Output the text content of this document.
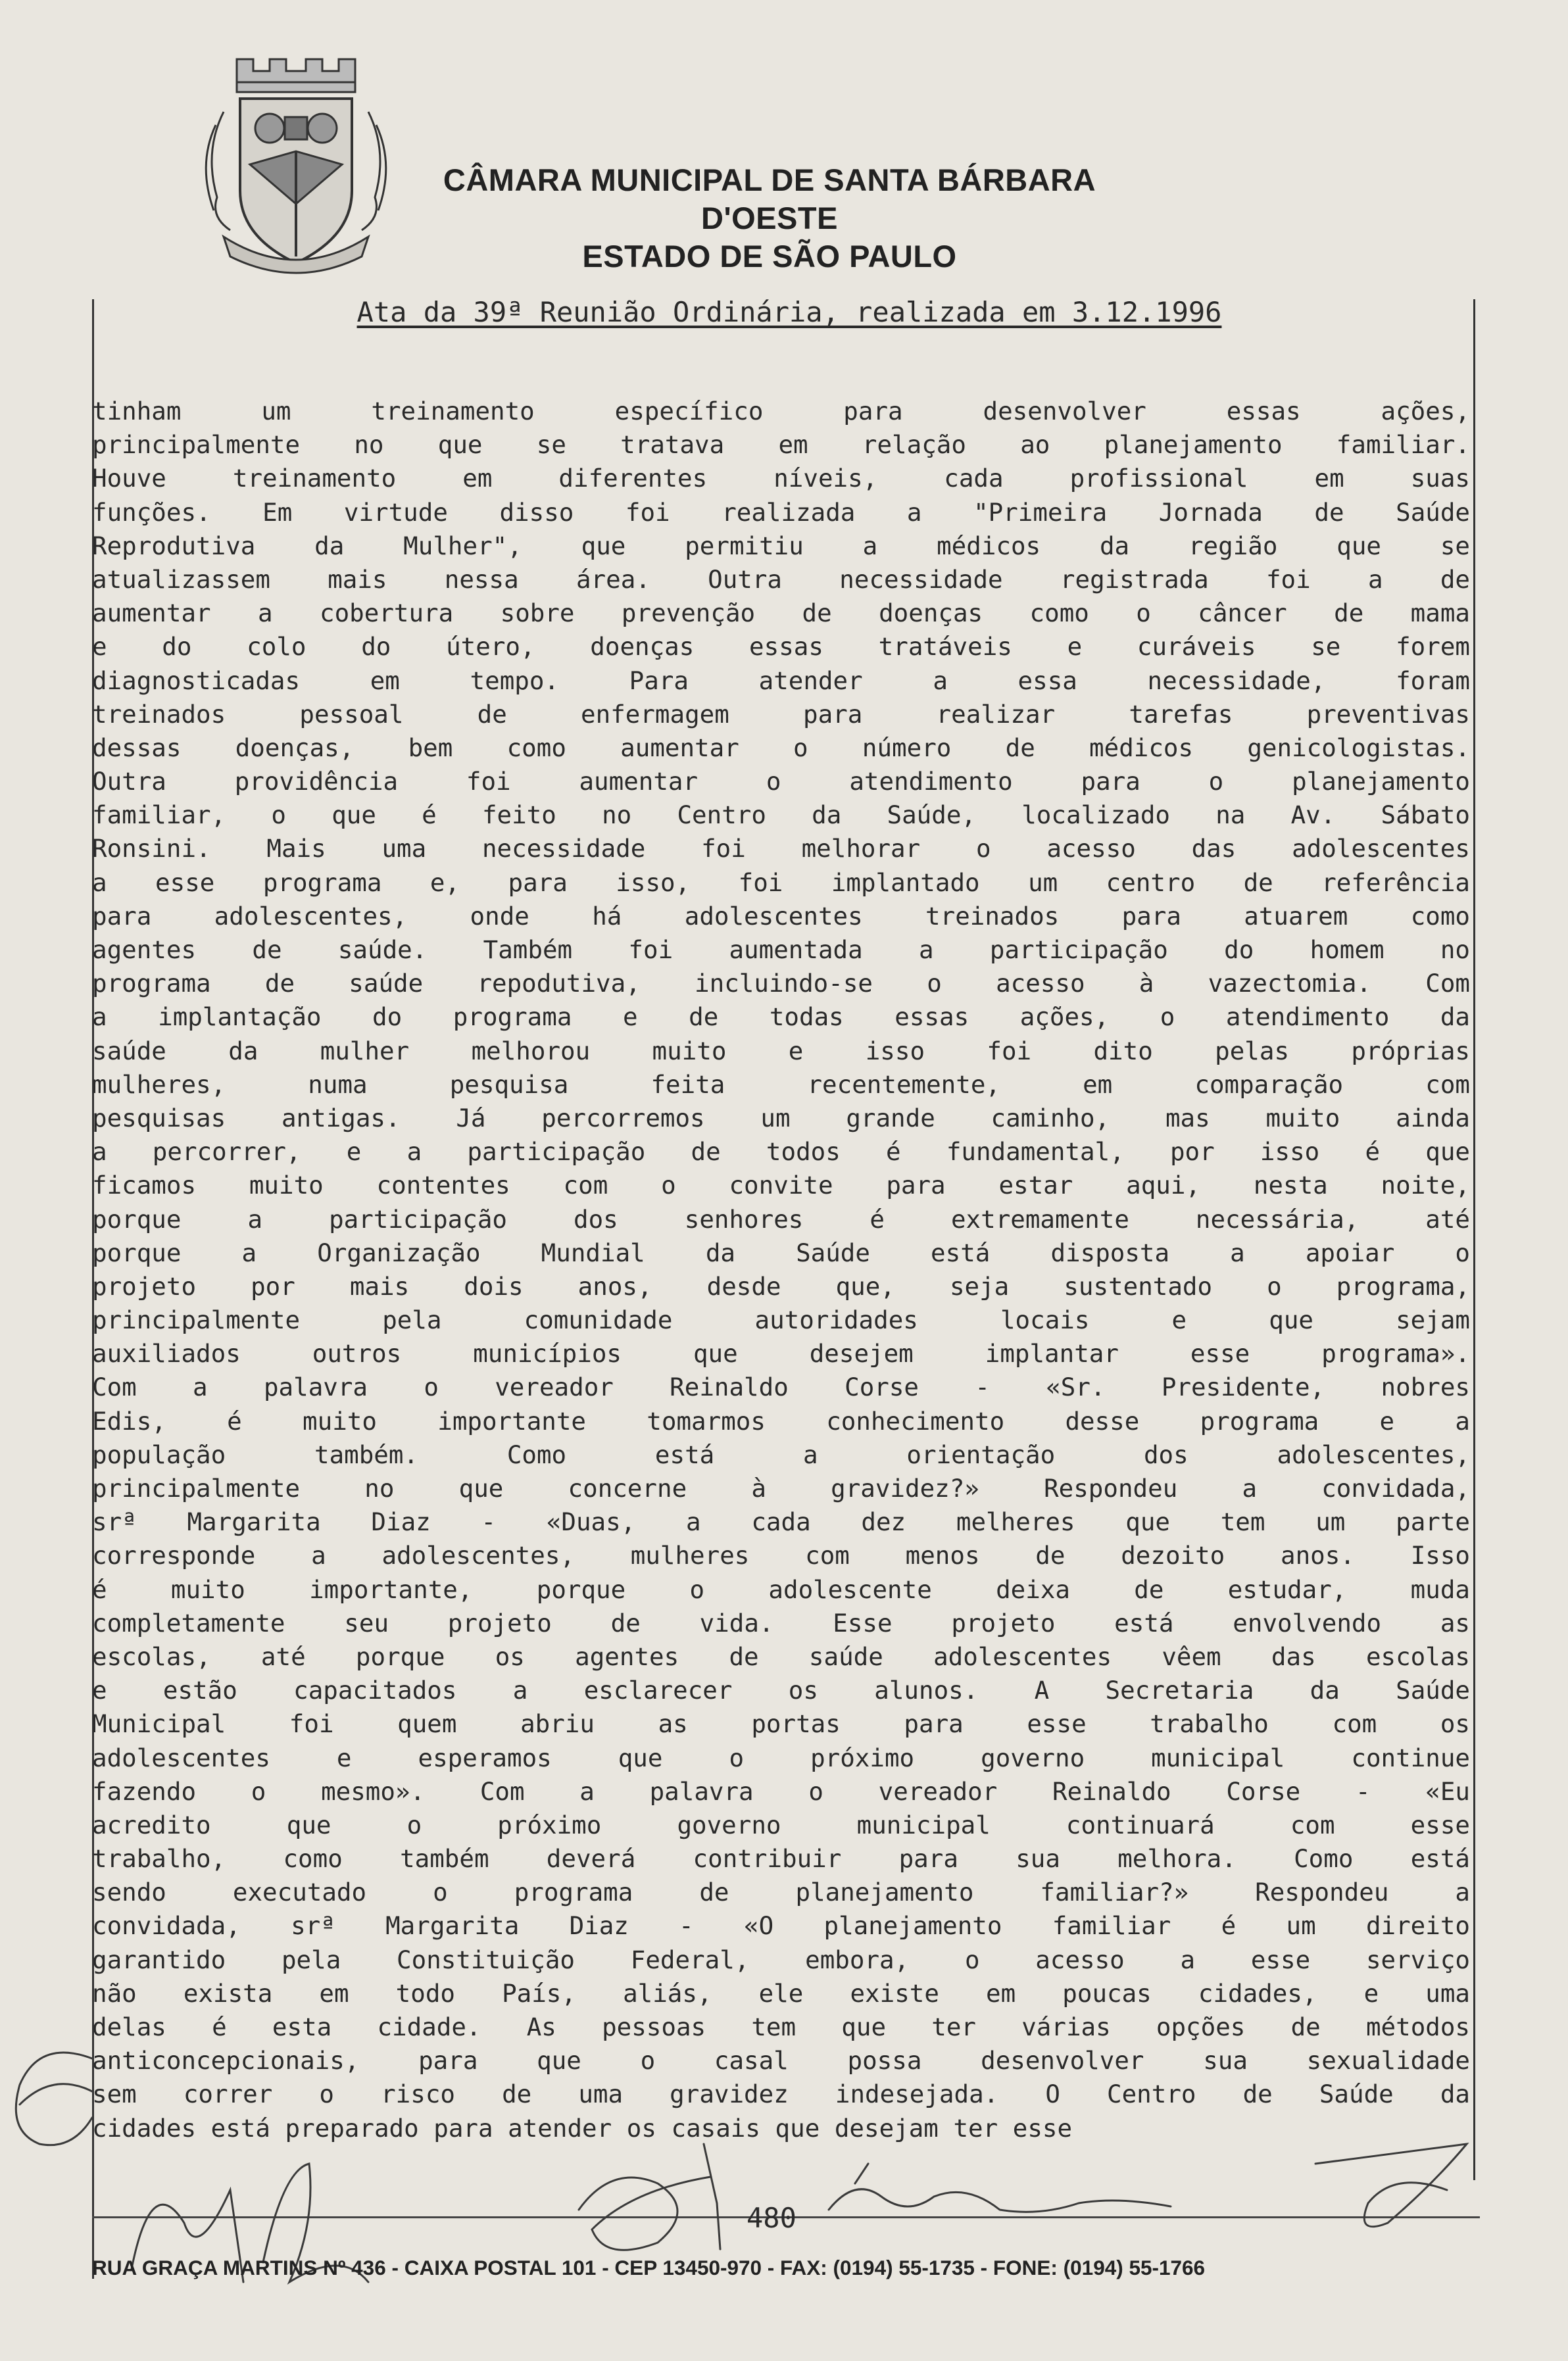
CÂMARA MUNICIPAL DE SANTA BÁRBARA D'OESTE
ESTADO DE SÃO PAULO
Ata da 39ª Reunião Ordinária, realizada em 3.12.1996
tinham um treinamento específico para desenvolver essas ações,
principalmente no que se tratava em relação ao planejamento familiar.
Houve treinamento em diferentes níveis, cada profissional em suas
funções. Em virtude disso foi realizada a "Primeira Jornada de Saúde
Reprodutiva da Mulher", que permitiu a médicos da região que se
atualizassem mais nessa área. Outra necessidade registrada foi a de
aumentar a cobertura sobre prevenção de doenças como o câncer de mama
e do colo do útero, doenças essas tratáveis e curáveis se forem
diagnosticadas em tempo. Para atender a essa necessidade, foram
treinados pessoal de enfermagem para realizar tarefas preventivas
dessas doenças, bem como aumentar o número de médicos genicologistas.
Outra providência foi aumentar o atendimento para o planejamento
familiar, o que é feito no Centro da Saúde, localizado na Av. Sábato
Ronsini. Mais uma necessidade foi melhorar o acesso das adolescentes
a esse programa e, para isso, foi implantado um centro de referência
para adolescentes, onde há adolescentes treinados para atuarem como
agentes de saúde. Também foi aumentada a participação do homem no
programa de saúde repodutiva, incluindo-se o acesso à vazectomia. Com
a implantação do programa e de todas essas ações, o atendimento da
saúde da mulher melhorou muito e isso foi dito pelas próprias
mulheres, numa pesquisa feita recentemente, em comparação com
pesquisas antigas. Já percorremos um grande caminho, mas muito ainda
a percorrer, e a participação de todos é fundamental, por isso é que
ficamos muito contentes com o convite para estar aqui, nesta noite,
porque a participação dos senhores é extremamente necessária, até
porque a Organização Mundial da Saúde está disposta a apoiar o
projeto por mais dois anos, desde que, seja sustentado o programa,
principalmente pela comunidade autoridades locais e que sejam
auxiliados outros municípios que desejem implantar esse programa».
Com a palavra o vereador Reinaldo Corse - «Sr. Presidente, nobres
Edis, é muito importante tomarmos conhecimento desse programa e a
população também. Como está a orientação dos adolescentes,
principalmente no que concerne à gravidez?» Respondeu a convidada,
srª Margarita Diaz - «Duas, a cada dez melheres que tem um parte
corresponde a adolescentes, mulheres com menos de dezoito anos. Isso
é muito importante, porque o adolescente deixa de estudar, muda
completamente seu projeto de vida. Esse projeto está envolvendo as
escolas, até porque os agentes de saúde adolescentes vêem das escolas
e estão capacitados a esclarecer os alunos. A Secretaria da Saúde
Municipal foi quem abriu as portas para esse trabalho com os
adolescentes e esperamos que o próximo governo municipal continue
fazendo o mesmo». Com a palavra o vereador Reinaldo Corse - «Eu
acredito que o próximo governo municipal continuará com esse
trabalho, como também deverá contribuir para sua melhora. Como está
sendo executado o programa de planejamento familiar?» Respondeu a
convidada, srª Margarita Diaz - «O planejamento familiar é um direito
garantido pela Constituição Federal, embora, o acesso a esse serviço
não exista em todo País, aliás, ele existe em poucas cidades, e uma
delas é esta cidade. As pessoas tem que ter várias opções de métodos
anticoncepcionais, para que o casal possa desenvolver sua sexualidade
sem correr o risco de uma gravidez indesejada. O Centro de Saúde da
cidades está preparado para atender os casais que desejam ter esse
480
RUA GRAÇA MARTINS Nº 436 - CAIXA POSTAL 101 - CEP 13450-970 - FAX: (0194) 55-1735 - FONE: (0194) 55-1766
